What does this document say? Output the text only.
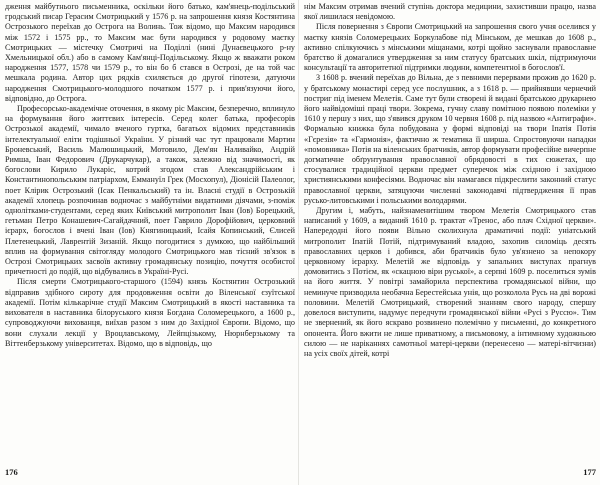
дження майбутнього письменника, оскільки його батько, кам'янець-подільський гродський писар Герасим Смотрицький у 1576 р. на запрошення князя Костянтина Острозького переїхав до Острога на Волинь. Тож відомо, що Максим народився між 1572 і 1575 рр., то Максим має бути народився у родовому маєтку Смотрицьких — містечку Смотричі на Поділлі (нині Дунаєвецького р-ну Хмельницької обл.) або в самому Кам'янці-Подільському. Якщо ж вважати роком народження 1577, 1578 чи 1579 р., то він бо б стався в Острозі, де на той час мешкала родина. Автор цих рядків схиляється до другої гіпотези, датуючи народження Смотрицького-молодшого початком 1577 р. і прив'язуючи його, відповідно, до Острога.

Професорсько-академічне оточення, в якому ріс Максим, безперечно, вплинуло на формування його життєвих інтересів. Серед колег батька, професорів Острозької академії, чимало вченого гуртка, багатьох відомих представників інтелектуальної еліти тодішньої України. У різний час тут працювали Мартин Броневський, Василь Малюшицький, Мотовило, Дем'ян Наливайко, Андрій Римша, Іван Федорович (Друкарчукар), а також, залежно від значимості, як богослови Кирило Лукаріс, котрий згодом став Александрійським і Константинопольським патріархом, Еммануїл Грек (Мосхопул), Діонісій Палеолог, поет Клірик Острозький (Ісак Пенкальський) та ін. Власні студії в Острозькій академії хлопець розпочинав водночас з майбутніми видатними діячами, з-поміж однолітками-студентами, серед яких Київський митрополит Іван (Іов) Борецький, гетьман Петро Конашевич-Сагайдачний, поет Гаврило Дорофійович, церковний ієрарх, богослов і вчені Іван (Іов) Княгиницький, Ісайя Копинський, Єлисей Плетенецький, Лаврентій Зизаній. Якщо погодитися з думкою, що найбільший вплив на формування світогляду молодого Смотрицького мав тісний зв'язок в Острозі Смотрицьких засвоїв активну громадянську позицію, почуття особистої причетності до подій, що відбувались в Україні-Русі.

Після смерти Смотрицького-старшого (1594) князь Костянтин Острозький відправив здібного сироту для продовження освіти до Віленської єзуїтської академії. Потім кількарічне студії Максим Смотрицький в якості наставника та вихователя в наставника білоруського князя Богдана Соломерецького, а 1600 р., супроводжуючи вихованця, виїхав разом з ним до Західної Європи. Відомо, що вони слухали лекції у Вроцлавському, Лейпцізькому, Нюрнберзькому та Віттенберзькому університетах. Відомо, що в відповідь, що

176

нім Максим отримав вчений ступінь доктора медицини, захистивши працю, назва якої лишилася невідомою.

Після повернення з Європи Смотрицький на запрошення свого учня оселився у маєтку князів Соломерецьких Боркулабове під Мінськом, де мешкав до 1608 р., активно спілкуючись з мінськими міщанами, котрі щойно заснували православне братство й домагалися утвердження за ним статусу братських шкіл, підтримуючи консультації та авторитетної підтримки людини, компетентної в богослов'ї.

З 1608 р. вчений переїхав до Вільна, де з певними перервами прожив до 1620 р. у братському монастирі серед усе послушник, а з 1618 р. — прийнявши чернечий постриг під іменем Мелетія. Саме тут були створені й видані братською друкарнею його найвідоміші праці твори. Зокрема, гучну славу помітною появою полеміки у 1610 у першу з них, що з'явився друком 10 червня 1608 р. під назвою «Антиграфи». Формально книжка була побудована у формі відповіді на твори Іпатія Потія «Гєрезія» та «Гармонія», фактично ж тематика її ширша. Спростовуючи нападки «помовника» Потія на віленських братчиків, автор формувати професійне вичерпне догматичне обґрунтування православної обрядовості в тих сюжетах, що стосувалися традиційної церкви предмет суперечок між східною і західною християнськими конфесіями. Водночас він намагався підкреслити законний статус православної церкви, затяцуючи численні законодавчі підтвердження її прав русько-литовськими і польськими володарями.

Другим і, мабуть, найзнаменитішим твором Мелетія Смотрицького став написаний у 1609, а виданий 1610 р. трактат «Тренос, або плач Східної церкви». Напередодні його появи Вільно сколихнула драматичні події: уніатський митрополит Іпатій Потій, підтримуваний владою, захопив силоміць десять православних церков і добився, аби братчиків було ув'язнено за непокору церковному ієрарху. Мелетій же відповідь у запальних виступах прагнув домовитись з Потієм, як «скацною віри руської», а серпні 1609 р. поселиться зумів на його життя. У повітрі замайорила перспектива громадянської війни, що неминуче призводила необачна Берестейська унія, що розколола Русь на дві ворожі половини. Мелетій Смотрицький, створений знанням свого народу, спершу довелося виступити, надумує передчути громадянської війни «Русі з Руссю». Тим не звернений, як його яскраво розвинено полемічно у письменні, до конкретного опонента. Його вжити не лише приватному, а письмовому, а інтимному художньою силою — не наріканнях самотньої матері-церкви (перенесено — матері-вітчизни) на усіх своїх дітей, котрі

177
